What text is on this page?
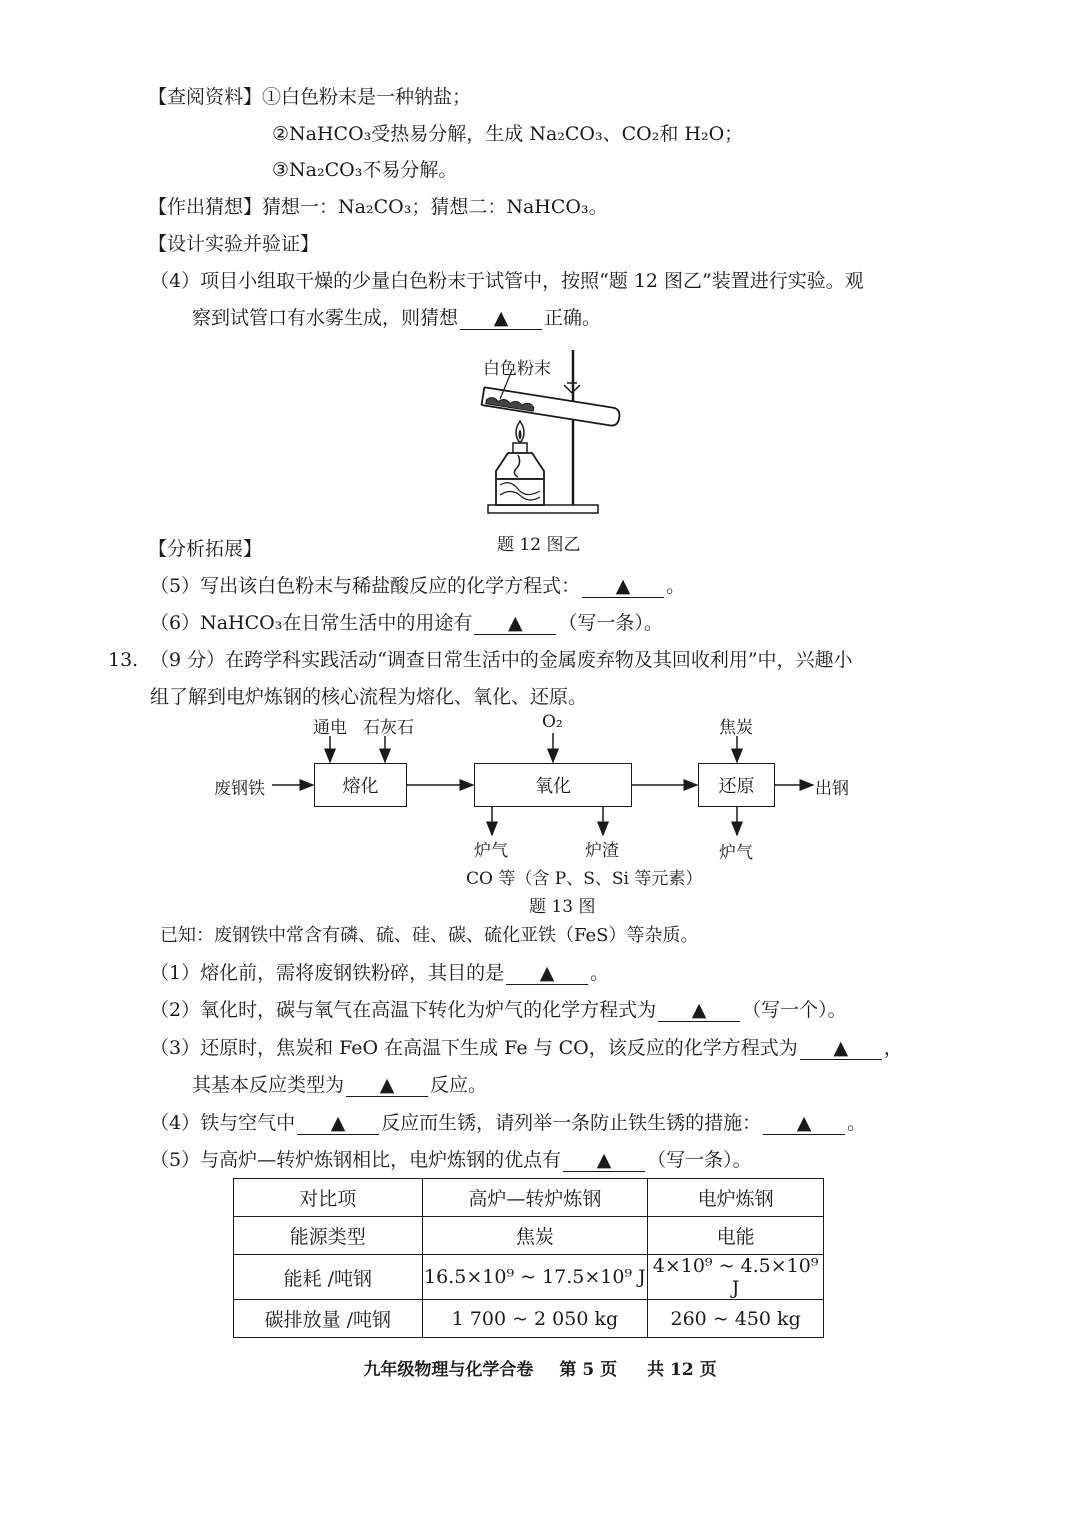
【查阅资料】①白色粉末是一种钠盐；
②NaHCO₃受热易分解，生成 Na₂CO₃、CO₂和 H₂O；
③Na₂CO₃不易分解。
【作出猜想】猜想一：Na₂CO₃；猜想二：NaHCO₃。
【设计实验并验证】
（4）项目小组取干燥的少量白色粉末于试管中，按照“题 12 图乙”装置进行实验。观
察到试管口有水雾生成，则猜想 ▲ 正确。
白色粉末
题 12 图乙
【分析拓展】
（5）写出该白色粉末与稀盐酸反应的化学方程式： ▲ 。
（6）NaHCO₃在日常生活中的用途有 ▲ （写一条）。
13. （9 分）在跨学科实践活动“调查日常生活中的金属废弃物及其回收利用”中，兴趣小
组了解到电炉炼钢的核心流程为熔化、氧化、还原。
熔化	氧化	还原
废钢铁	出钢
通电 石灰石	O₂	焦炭
炉气	炉渣	炉气
CO 等（含 P、S、Si 等元素）
题 13 图
已知：废钢铁中常含有磷、硫、硅、碳、硫化亚铁（FeS）等杂质。
（1）熔化前，需将废钢铁粉碎，其目的是 ▲ 。
（2）氧化时，碳与氧气在高温下转化为炉气的化学方程式为 ▲ （写一个）。
（3）还原时，焦炭和 FeO 在高温下生成 Fe 与 CO，该反应的化学方程式为 ▲ ，
其基本反应类型为 ▲ 反应。
（4）铁与空气中 ▲ 反应而生锈，请列举一条防止铁生锈的措施： ▲ 。
（5）与高炉—转炉炼钢相比，电炉炼钢的优点有 ▲ （写一条）。
对比项	高炉—转炉炼钢	电炉炼钢
能源类型	焦炭	电能
能耗 /吨钢	16.5×10⁹ ~ 17.5×10⁹ J	4×10⁹ ~ 4.5×10⁹ J
碳排放量 /吨钢	1 700 ~ 2 050 kg	260 ~ 450 kg
九年级物理与化学合卷 第 5 页 共 12 页
